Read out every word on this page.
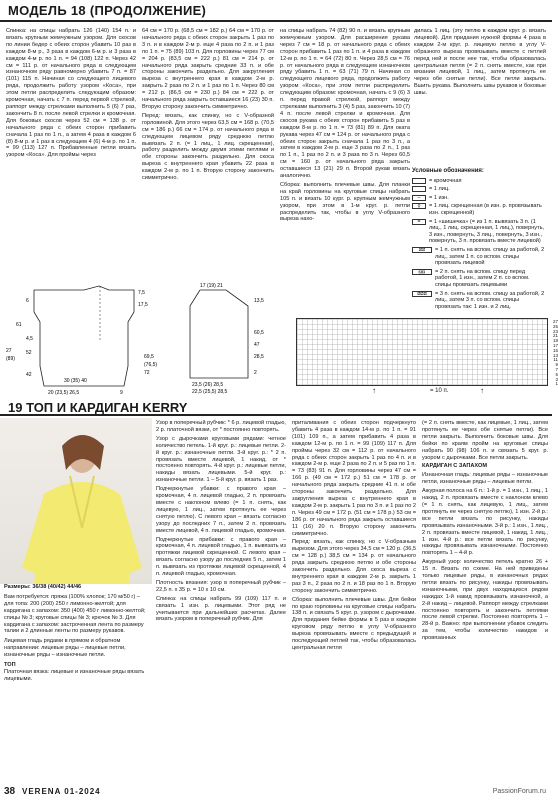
МОДЕЛЬ 18 (ПРОДОЛЖЕНИЕ)

Спинка: на спицы набрать 126 (140) 154 п. и вязать крупным жемчужным узором. Для скосов по линии бедер с обеих сторон убавить 10 раз в каждом 8-м р., 3 раза в каждом 6-м р. и 3 раза в каждом 4-м р. по 1 п. = 94 (108) 122 п. Через 42 см = 111 р. от начального ряда в следующем изнаночном ряду равномерно убавить 7 п. = 87 (101) 115 п. Начиная со следующего лицевого ряда, продолжить работу узором «Коса», при этом петли распределить следующим образом: кромочная, начать с 7 п. перед первой стрелкой, раппорт между стрелками выполнить 5 (6) 7 раз, закончить 8 п. после левой стрелки и кромочная. Для боковых скосов через 52 см = 138 р. от начального ряда с обеих сторон прибавить сначала 1 раз по 1 п., а затем 4 раза в каждом 6 (8) 8-м р. и 1 раз в следующем 4 (6) 4-м р. по 1 п. = 99 (113) 127 п. Прибавленные петли вязать узором «Коса». Для проймы через

64 см = 170 р. (68,5 см = 182 р.) 64 см = 170 р. от начального ряда с обеих сторон закрыть 1 раз по 3 п. и в каждом 2-м р. еще 4 раза по 2 п. и 1 раз по 1 п. = 75 (89) 103 п. Для горловины через 77 см = 204 р. (83,5 см = 222 р.) 81 см = 214 р. от начального ряда закрыть средние 33 п. и обе стороны закончить раздельно. Для закругления выреза с внутреннего края в каждом 2-м р. закрыть 2 раза по 2 п. и 1 раз по 1 п. Через 80 см = 212 р. (86,5 см = 230 р.) 84 см = 222 р. от начального ряда закрыть оставшиеся 16 (23) 30 п. Вторую сторону закончить симметрично.

Перед: вязать, как спинку, но с V-образной горловиной. Для этого через 63,5 см = 168 р. (70,5 см = 186 р.) 66 см = 174 р. от начального ряда в следующем лицевом ряду среднюю петлю вывязать 2 п. (= 1 лиц., 1 лиц. скрещенная), работу разделить между двумя этими петлями и обе стороны закончить раздельно. Для скоса выреза с внутреннего края убавить 22 раза в каждом 2-м р. по 1 п. Вторую сторону закончить симметрично.

на спицы набрать 74 (82) 90 п. и вязать крупным жемчужным узором. Для расширения рукава через 7 см = 18 р. от начального ряда с обеих сторон прибавить 1 раз по 1 п. и 4 раза в каждом 12-м р. по 1 п. = 64 (72) 80 п. Через 28,5 см = 76 р. от начального ряда в следующем изнаночном ряду убавить 1 п. = 63 (71) 79 п. Начиная со следующего лицевого ряда, продолжить работу узором «Коса», при этом петли распределить следующим образом: кромочная, начать с 9 (6) 3 п. перед правой стрелкой, раппорт между стрелками выполнить 3 (4) 5 раз, закончить 10 (7) 4 п. после левой стрелки и кромочная. Для скосов рукава с обеих сторон прибавить 5 раз в каждом 8-м р. по 1 п. = 73 (81) 89 п. Для оката рукава через 47 см = 124 р. от начального ряда с обеих сторон закрыть сначала 1 раз по 3 п., а затем в каждом 2-м р. еще 3 раза по 2 п., 1 раз по 1 п., 1 раз по 2 п. и 3 раза по 3 п. Через 60,5 см = 160 р. от начального ряда закрыть оставшиеся 13 (21) 29 п. Второй рукав вязать аналогично.

Сборка: выполнить плечевые швы. Для планки на край горловины на круговые спицы набрать 105 п. и вязать 10 кург. р. крупным жемчужным узором, при этом в 1-м круг. р. петли распределить так, чтобы в углу V-образного выреза нахо-

дилась 1 лиц. (эту петлю в каждом круг. р. вязать лицевой). Для придания нужной формы 4 раза в каждом 2-м круг. р. лицевую петлю в углу V-образного выреза провязывать вместе с петлей перед ней и после нее так, чтобы образовалась центральная петля (= 2 п. снять вместе, как при вязании лицевой, 1 лиц., затем протянуть ее через обе снятые петли). Все петли закрыть. Вшить рукава. Выполнить швы рукавов и боковые швы.

Условные обозначения:
= кромочная
= 1 лиц.
–	= 1 изн.
ǫ	= 1 лиц. скрещенная (в изн. р. провязывать изн. скрещенной)
=	= 1 «шишечка» (= из 1 п. вывязать 3 п. (1 лиц., 1 лиц. скрещенная, 1 лиц.), повернуть, 3 изн., повернуть, 3 лиц., повернуть, 3 изн., повернуть, 3 п. провязать вместе лицевой)
⧄⧄	= 1 п. снять на вспом. спицу за работой, 2 лиц., затем 1 п. со вспом. спицы провязать лицевой
⧅⧅	= 2 п. снять на вспом. спицу перед работой, 1 изн., затем 2 п. со вспом. спицы провязать лицевыми
⧄⧄⧄	= 3 п. снять на вспом. спицу за работой, 2 лиц., затем 3 п. со вспом. спицы провязать так: 1 изн. и 2 лиц.
7,5
17,5
6
61
4,5
52
42
27
(89)
20 (23,5) 26,5	9
30 (35) 40
69,5
(76,5)
72
17 (19) 21
13,5
60,5
47
28,5
23,5 (26) 28,5
22,5 (25,5) 28,5
2
27
25
23
21
19
17
15
13
11
9
7
5
3
1
= 10 п.
↑	↑
19 ТОП И КАРДИГАН KERRY

Размеры: 36/38 (40/42) 44/46

Вам потребуется: пряжа (100% хлопок; 170 м/50 г) – для топа: 200 (200) 250 г лимонно-желтой; для кардигана с запахом: 350 (400) 450 г лимонно-желтой; спицы № 3; круговые спицы № 3; крючок № 3. Для кардигана с запахом: застроченная лента по размеру талии и 2 длинные ленты по размеру рукавов.

Лицевая гладь рядами в прямом и обратном направлении: лицевые ряды – лицевые петли, изнаночные ряды – изнаночные петли.

ТОП

Платочная вязка: лицевые и изнаночные ряды вязать лицевыми.

Узор в поперечный рубчик: * 6 р. лицевой гладью, 2 р. платочной вязки, от * постоянно повторять.

Узор с дырочками круговыми рядами: четное количество петель. 1-й круг. р.: лицевые петли. 2-й круг. р.: изнаночные петли. 3-й круг. р.: * 2 п. провязать вместе лицевой, 1 накид, от * постоянно повторять. 4-й круг. р.: лицевые петли, накиды вязать лицевыми. 5-й круг. р.: изнаночные петли. 1 – 5-й круг. р. вязать 1 раз.

Подчеркнутые убавки: с правого края – кромочная, 4 п. лицевой гладью, 2 п. провязать вместе с наклоном влево (= 1 п. снять, как лицевую, 1 лиц., затем протянуть ее через снятую петлю). С левого края – вязать согласно узору до последних 7 п., затем 2 п. провязать вместе лицевой, 4 п. лицевой гладью, кромочная.

Подчеркнутые прибавки: с правого края – кромочная, 4 п. лицевой гладью, 1 п. вывязать из протяжки лицевой скрещенной. С левого края – вязать согласно узору до последних 5 п., затем 1 п. вывязать из протяжки лицевой скрещенной, 4 п. лицевой гладью, кромочная.

Плотность вязания: узор в поперечный рубчик – 22,5 п. x 35 р. = 10 x 10 см.

Спинка: на спицы набрать 99 (109) 117 п. и связать 1 изн. р. лицевыми. Этот ряд не учитывается при дальнейших расчетах. Далее вязать узором в поперечный рубчик. Для

приталивания с обеих сторон подчеркнуто убавить 4 раза в каждом 14-м р. по 1 п. = 91 (101) 109 п., а затем прибавить 4 раза в каждом 12-м р. по 1 п. = 99 (109) 117 п. Для проймы через 32 см = 112 р. от начального ряда с обеих сторон закрыть 1 раз по 4 п. и в каждом 2-м р. еще 2 раза по 2 п. и 5 раз по 1 п. = 73 (83) 91 п. Для горловины через 47 см = 166 р. (49 см = 172 р.) 51 см = 178 р. от начального ряда закрыть средние 41 п. и обе стороны закончить раздельно. Для закругления выреза с внутреннего края в каждом 2-м р. закрыть 1 раз по 3 п. и 1 раз по 2 п. Через 49 см = 172 р. (51 см = 178 р.) 53 см = 186 р. от начального ряда закрыть оставшиеся 11 (16) 20 п. Вторую сторону закончить симметрично.

Перед: вязать, как спинку, но с V-образным вырезом. Для этого через 34,5 см = 120 р. (36,5 см = 128 р.) 38,5 см = 134 р. от начального ряда закрыть среднюю петлю и обе стороны закончить раздельно. Для скоса выреза с внутреннего края в каждом 2-м р. закрыть 1 раз 3 п., 2 раза по 2 п. и 18 раз по 1 п. Вторую сторону закончить симметрично.

Сборка: выполнить плечевые швы. Для бейки по краю горловины на круговые спицы набрать 138 п. и связать 5 круг. р. узором с дырочками. Для придания бейке формы в 5 раз в каждом круговом ряду петлю в углу V-образного выреза провязывать вместе с предыдущей и последующей петлей так, чтобы образовалась центральная петля

(= 2 п. снять вместе, как лицевые, 1 лиц., затем протянуть ее через обе снятые петли). Все петли закрыть. Выполнить боковые швы. Для бейки по краям пройм на круговые спицы набрать 90 (98) 106 п. и связать 5 круг. р. узором с дырочками. Все петли закрыть.

КАРДИГАН С ЗАПАХОМ

Изнаночная гладь: лицевые ряды – изнаночные петли, изнаночные ряды – лицевые петли.

Ажурная полоса на 6 п.: 1-й р. = 1 изн., 1 лиц., 1 накид, 2 п. провязать вместе с наклоном влево (= 1 п. снять, как лицевую, 1 лиц., затем протянуть ее через снятую петлю), 1 изн. 2-й р.: все петли вязать по рисунку, накиды провязывать изнаночными. 3-й р.: 1 изн., 1 лиц., 2 п. провязать вместе лицевой, 1 накид, 1 лиц., 1 изн. 4-й р.: все петли вязать по рисунку, накиды провязывать изнаночными. Постоянно повторять 1 – 4-й р.

Ажурный узор: количество петель кратно 26 + 15 п. Вязать по схеме. На ней приведены только лицевые ряды, в изнаночных рядах петли вязать по рисунку, накиды провязывать изнаночными, при двух находящихся рядом накидах 1-й накид провязывать изнаночной, а 2-й накид – лицевой. Раппорт между стрелками постоянно повторять и закончить петлями после левой стрелки. Постоянно повторять 1 – 28-й р. Важно: при выполнении убавок следить за тем, чтобы количество накидов и провязанных

38 VERENA 01-2024	PassionForum.ru
